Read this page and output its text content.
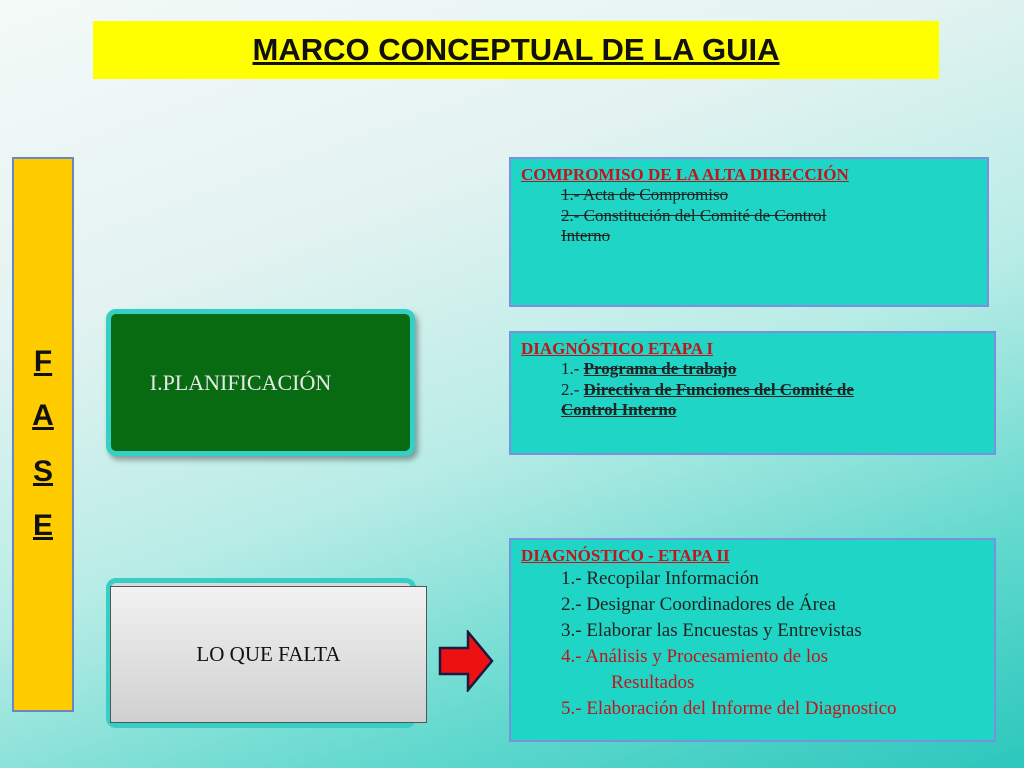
MARCO CONCEPTUAL DE LA GUIA
F
A
S
E
I.PLANIFICACIÓN
LO QUE FALTA
COMPROMISO DE LA ALTA DIRECCIÓN
1.- Acta de Compromiso
2.- Constitución del Comité de Control
Interno
DIAGNÓSTICO ETAPA I
1.- Programa de trabajo
2.- Directiva de Funciones del Comité de
Control Interno
DIAGNÓSTICO - ETAPA II
1.- Recopilar Información
2.- Designar Coordinadores de Área
3.- Elaborar las Encuestas y Entrevistas
4.- Análisis y Procesamiento de los
Resultados
5.- Elaboración del Informe del Diagnostico
